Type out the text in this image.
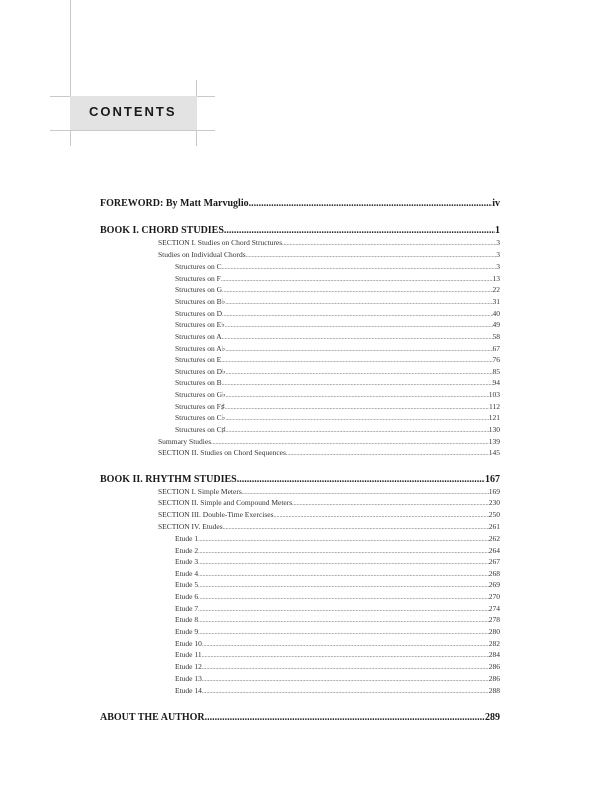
CONTENTS
FOREWORD: By Matt Marvuglio .....	iv
BOOK I. CHORD STUDIES .....	1
SECTION I. Studies on Chord Structures .....	3
Studies on Individual Chords .....	3
Structures on C .....	3
Structures on F .....	13
Structures on G .....	22
Structures on B♭ .....	31
Structures on D .....	40
Structures on E♭ .....	49
Structures on A .....	58
Structures on A♭ .....	67
Structures on E .....	76
Structures on D♭ .....	85
Structures on B .....	94
Structures on G♭ .....	103
Structures on F♯ .....	112
Structures on C♭ .....	121
Structures on C♯ .....	130
Summary Studies .....	139
SECTION II. Studies on Chord Sequences .....	145
BOOK II. RHYTHM STUDIES .....	167
SECTION I. Simple Meters .....	169
SECTION II. Simple and Compound Meters .....	230
SECTION III. Double-Time Exercises .....	250
SECTION IV. Etudes .....	261
Etude 1 .....	262
Etude 2 .....	264
Etude 3 .....	267
Etude 4 .....	268
Etude 5 .....	269
Etude 6 .....	270
Etude 7 .....	274
Etude 8 .....	278
Etude 9 .....	280
Etude 10 .....	282
Etude 11 .....	284
Etude 12 .....	286
Etude 13 .....	286
Etude 14 .....	288
ABOUT THE AUTHOR .....	289
